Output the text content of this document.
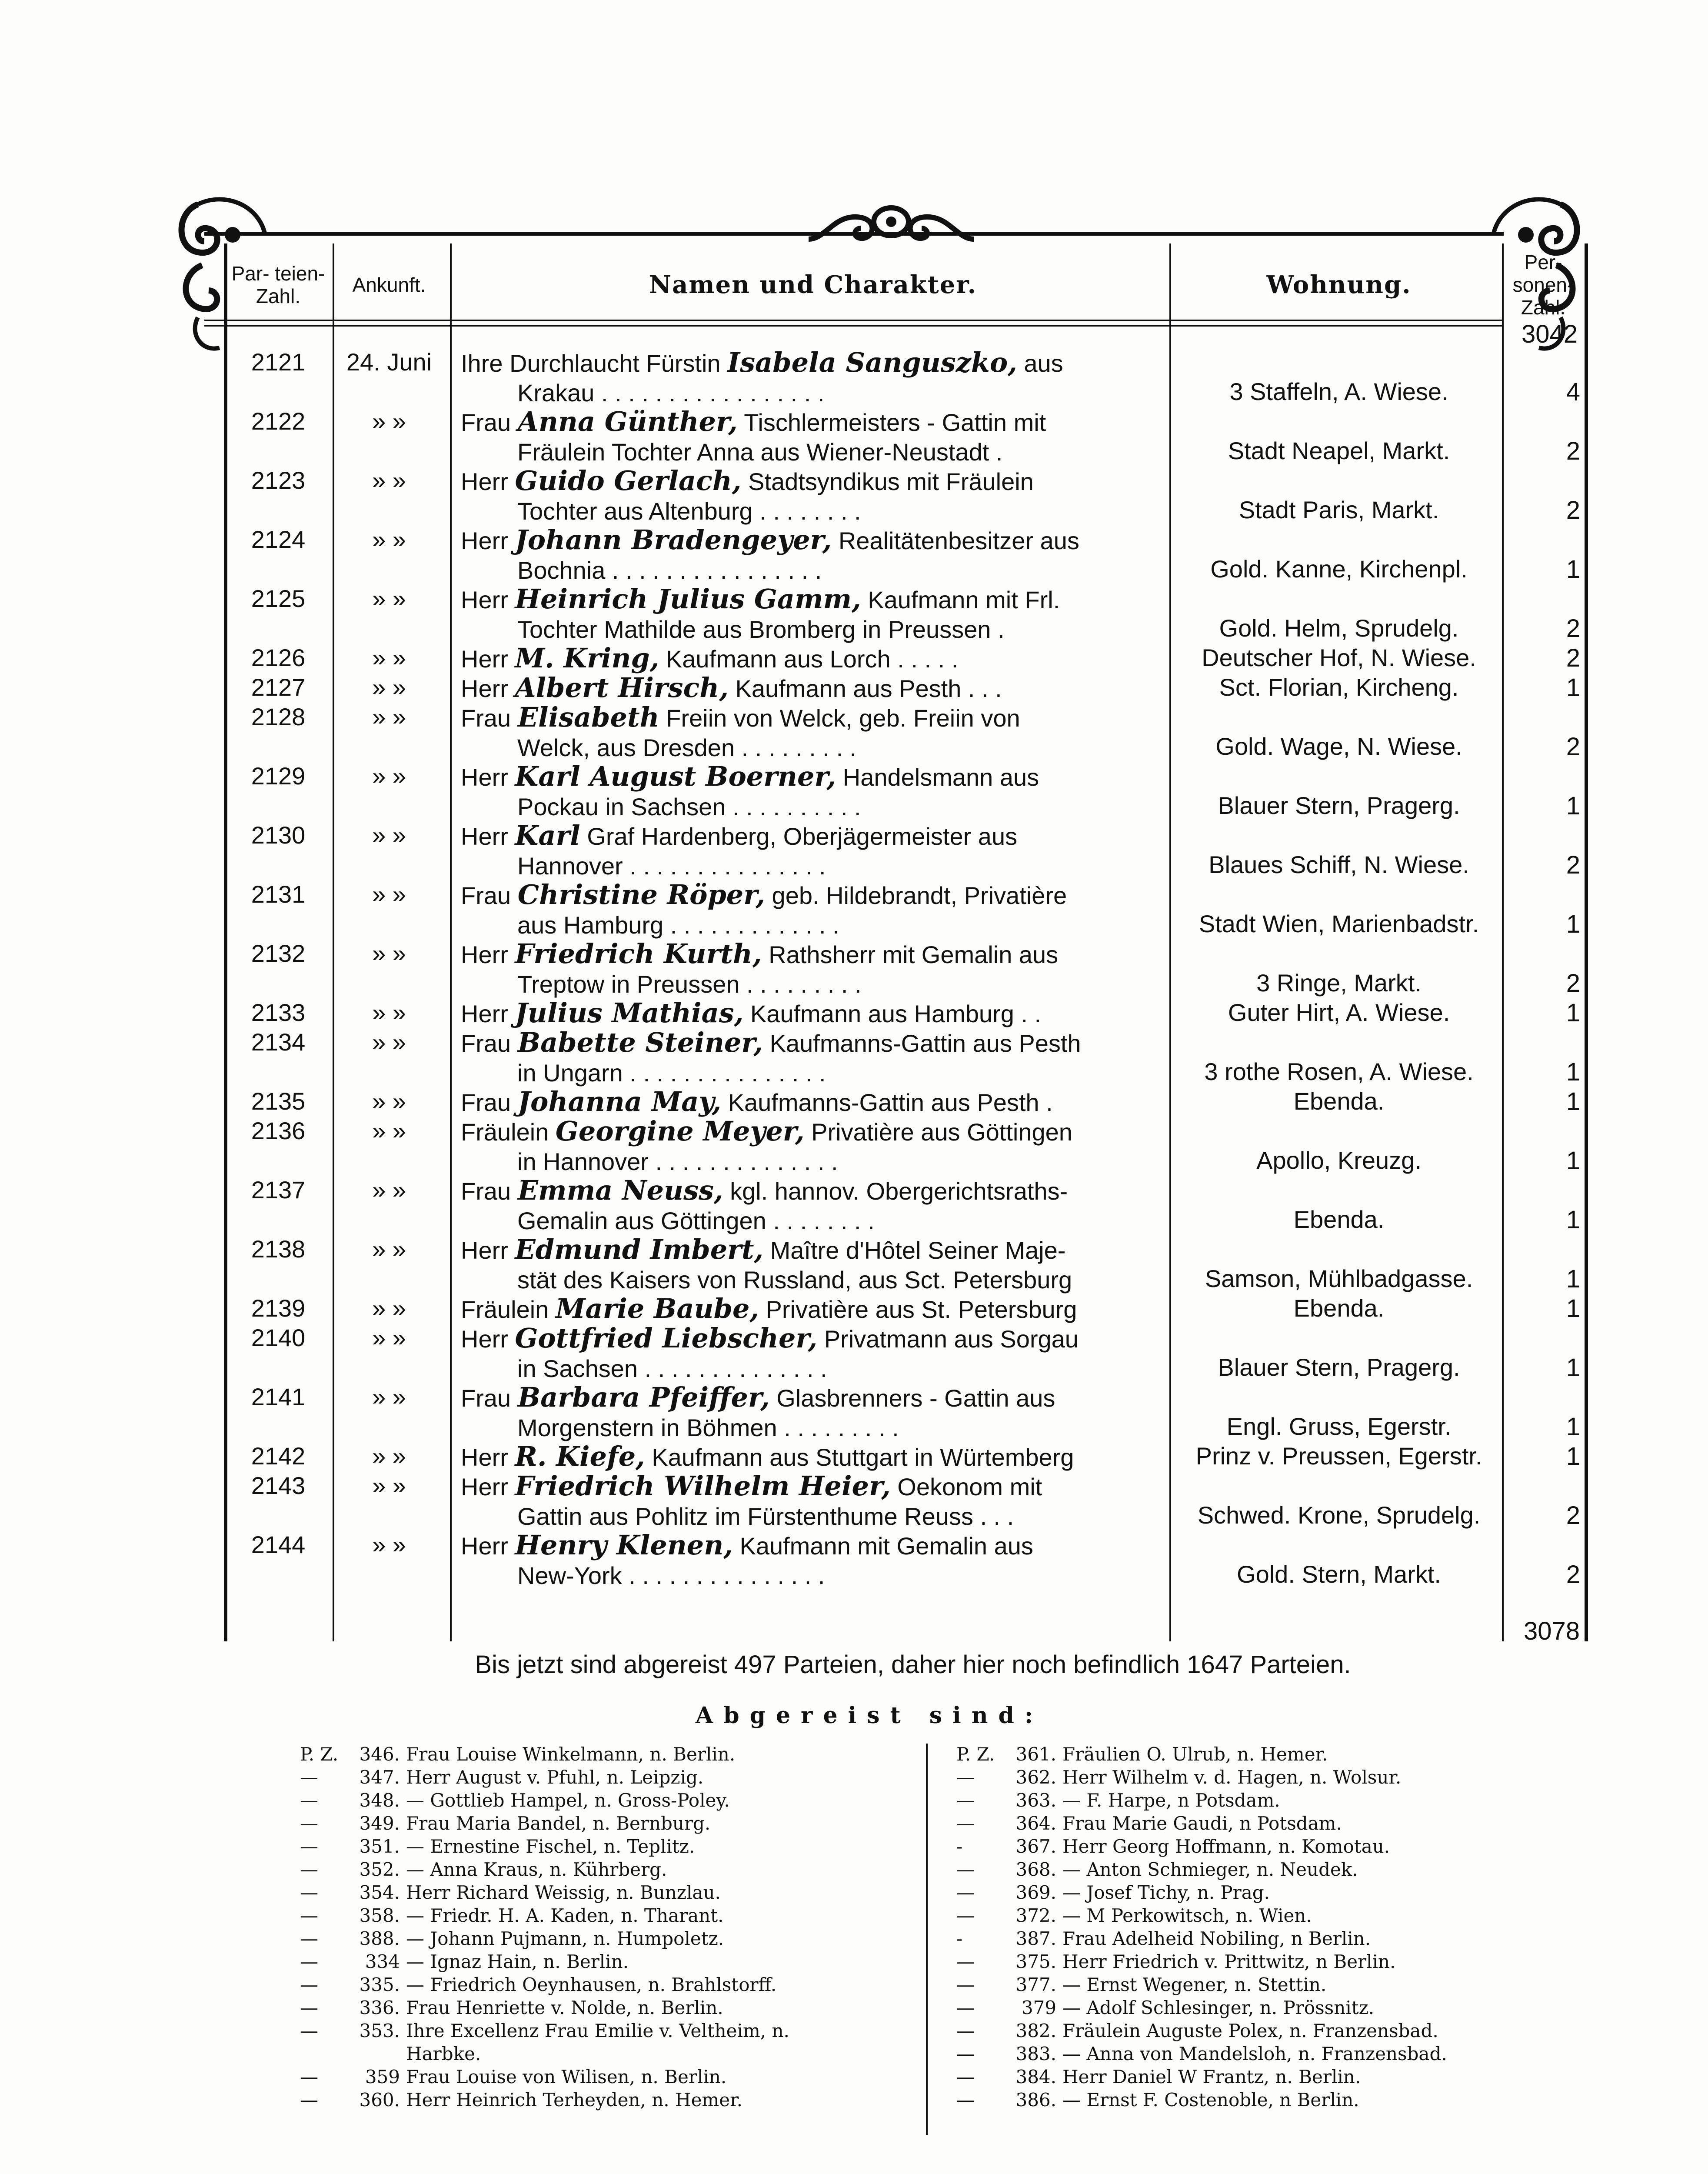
Par- teien- Zahl.	Ankunft.	Namen und Charakter.	Wohnung.
Per- sonen- Zahl.
3042
2121	24. Juni	Ihre Durchlaucht Fürstin Isabela Sanguszko, aus
Krakau . . . . . . . . . . . . . . . . .	3 Staffeln, A. Wiese.	4
2122	» »	Frau Anna Günther, Tischlermeisters - Gattin mit
Fräulein Tochter Anna aus Wiener-Neustadt .	Stadt Neapel, Markt.	2
2123	» »	Herr Guido Gerlach, Stadtsyndikus mit Fräulein
Tochter aus Altenburg . . . . . . . .	Stadt Paris, Markt.	2
2124	» »	Herr Johann Bradengeyer, Realitätenbesitzer aus
Bochnia . . . . . . . . . . . . . . . .	Gold. Kanne, Kirchenpl.	1
2125	» »	Herr Heinrich Julius Gamm, Kaufmann mit Frl.
Tochter Mathilde aus Bromberg in Preussen .	Gold. Helm, Sprudelg.	2
2126	» »	Herr M. Kring, Kaufmann aus Lorch . . . . .	Deutscher Hof, N. Wiese.	2
2127	» »	Herr Albert Hirsch, Kaufmann aus Pesth . . .	Sct. Florian, Kircheng.	1
2128	» »	Frau Elisabeth Freiin von Welck, geb. Freiin von
Welck, aus Dresden . . . . . . . . .	Gold. Wage, N. Wiese.	2
2129	» »	Herr Karl August Boerner, Handelsmann aus
Pockau in Sachsen . . . . . . . . . .	Blauer Stern, Pragerg.	1
2130	» »	Herr Karl Graf Hardenberg, Oberjägermeister aus
Hannover . . . . . . . . . . . . . . .	Blaues Schiff, N. Wiese.	2
2131	» »	Frau Christine Röper, geb. Hildebrandt, Privatière
aus Hamburg . . . . . . . . . . . . .	Stadt Wien, Marienbadstr.	1
2132	» »	Herr Friedrich Kurth, Rathsherr mit Gemalin aus
Treptow in Preussen . . . . . . . . .	3 Ringe, Markt.	2
2133	» »	Herr Julius Mathias, Kaufmann aus Hamburg . .	Guter Hirt, A. Wiese.	1
2134	» »	Frau Babette Steiner, Kaufmanns-Gattin aus Pesth
in Ungarn . . . . . . . . . . . . . . .	3 rothe Rosen, A. Wiese.	1
2135	» »	Frau Johanna May, Kaufmanns-Gattin aus Pesth .	Ebenda.	1
2136	» »	Fräulein Georgine Meyer, Privatière aus Göttingen
in Hannover . . . . . . . . . . . . . .	Apollo, Kreuzg.	1
2137	» »	Frau Emma Neuss, kgl. hannov. Obergerichtsraths-
Gemalin aus Göttingen . . . . . . . .	Ebenda.	1
2138	» »	Herr Edmund Imbert, Maître d'Hôtel Seiner Maje-
stät des Kaisers von Russland, aus Sct. Petersburg	Samson, Mühlbadgasse.	1
2139	» »	Fräulein Marie Baube, Privatière aus St. Petersburg	Ebenda.	1
2140	» »	Herr Gottfried Liebscher, Privatmann aus Sorgau
in Sachsen . . . . . . . . . . . . . .	Blauer Stern, Pragerg.	1
2141	» »	Frau Barbara Pfeiffer, Glasbrenners - Gattin aus
Morgenstern in Böhmen . . . . . . . . .	Engl. Gruss, Egerstr.	1
2142	» »	Herr R. Kiefe, Kaufmann aus Stuttgart in Würtemberg	Prinz v. Preussen, Egerstr.	1
2143	» »	Herr Friedrich Wilhelm Heier, Oekonom mit
Gattin aus Pohlitz im Fürstenthume Reuss . . .	Schwed. Krone, Sprudelg.	2
2144	» »	Herr Henry Klenen, Kaufmann mit Gemalin aus
New-York . . . . . . . . . . . . . . .	Gold. Stern, Markt.	2
3078
Bis jetzt sind abgereist 497 Parteien, daher hier noch befindlich 1647 Parteien.
Abgereist sind:
P. Z. 346. Frau Louise Winkelmann, n. Berlin.
— 347. Herr August v. Pfuhl, n. Leipzig.
— 348. — Gottlieb Hampel, n. Gross-Poley.
— 349. Frau Maria Bandel, n. Bernburg.
— 351. — Ernestine Fischel, n. Teplitz.
— 352. — Anna Kraus, n. Kührberg.
— 354. Herr Richard Weissig, n. Bunzlau.
— 358. — Friedr. H. A. Kaden, n. Tharant.
— 388. — Johann Pujmann, n. Humpoletz.
—	334 — Ignaz Hain, n. Berlin.
— 335. — Friedrich Oeynhausen, n. Brahlstorff.
— 336. Frau Henriette v. Nolde, n. Berlin.
— 353. Ihre Excellenz Frau Emilie v. Veltheim, n.
Harbke.
—	359 Frau Louise von Wilisen, n. Berlin.
— 360. Herr Heinrich Terheyden, n. Hemer.
P. Z. 361. Fräulien O. Ulrub, n. Hemer.
— 362. Herr Wilhelm v. d. Hagen, n. Wolsur.
— 363. — F. Harpe, n Potsdam.
— 364. Frau Marie Gaudi, n Potsdam.
-	367. Herr Georg Hoffmann, n. Komotau.
— 368. — Anton Schmieger, n. Neudek.
— 369. — Josef Tichy, n. Prag.
— 372. — M Perkowitsch, n. Wien.
-	387. Frau Adelheid Nobiling, n Berlin.
— 375. Herr Friedrich v. Prittwitz, n Berlin.
— 377. — Ernst Wegener, n. Stettin.
—	379 — Adolf Schlesinger, n. Prössnitz.
— 382. Fräulein Auguste Polex, n. Franzensbad.
— 383. — Anna von Mandelsloh, n. Franzensbad.
— 384. Herr Daniel W Frantz, n. Berlin.
— 386. — Ernst F. Costenoble, n Berlin.
